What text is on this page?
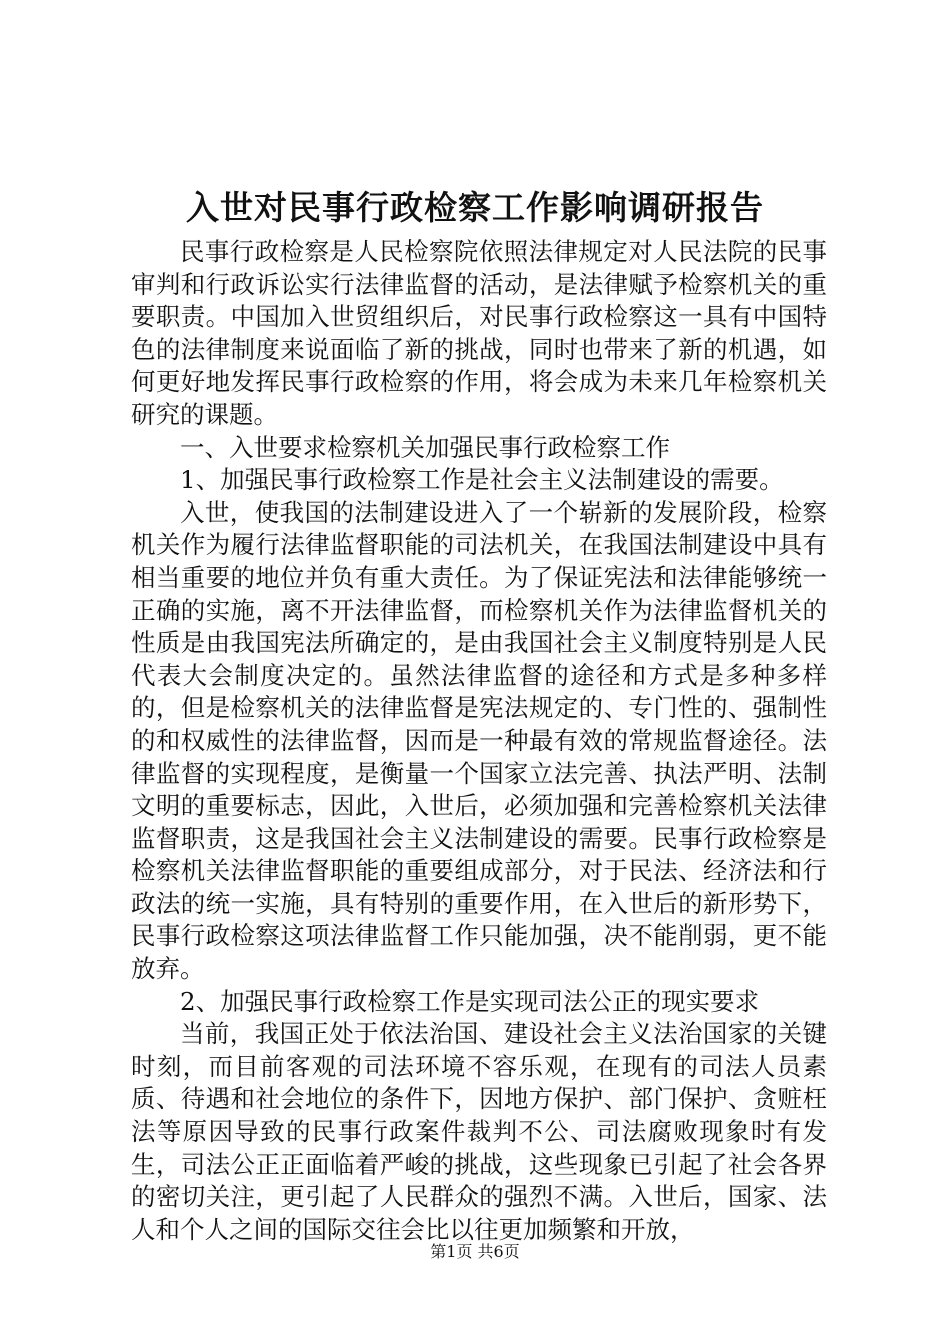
入世对民事行政检察工作影响调研报告

民事行政检察是人民检察院依照法律规定对人民法院的民事审判和行政诉讼实行法律监督的活动，是法律赋予检察机关的重要职责。中国加入世贸组织后，对民事行政检察这一具有中国特色的法律制度来说面临了新的挑战，同时也带来了新的机遇，如何更好地发挥民事行政检察的作用，将会成为未来几年检察机关研究的课题。

一、入世要求检察机关加强民事行政检察工作

1、加强民事行政检察工作是社会主义法制建设的需要。

入世，使我国的法制建设进入了一个崭新的发展阶段，检察机关作为履行法律监督职能的司法机关，在我国法制建设中具有相当重要的地位并负有重大责任。为了保证宪法和法律能够统一正确的实施，离不开法律监督，而检察机关作为法律监督机关的性质是由我国宪法所确定的，是由我国社会主义制度特别是人民代表大会制度决定的。虽然法律监督的途径和方式是多种多样的，但是检察机关的法律监督是宪法规定的、专门性的、强制性的和权威性的法律监督，因而是一种最有效的常规监督途径。法律监督的实现程度，是衡量一个国家立法完善、执法严明、法制文明的重要标志，因此，入世后，必须加强和完善检察机关法律监督职责，这是我国社会主义法制建设的需要。民事行政检察是检察机关法律监督职能的重要组成部分，对于民法、经济法和行政法的统一实施，具有特别的重要作用，在入世后的新形势下，民事行政检察这项法律监督工作只能加强，决不能削弱，更不能放弃。

2、加强民事行政检察工作是实现司法公正的现实要求

当前，我国正处于依法治国、建设社会主义法治国家的关键时刻，而目前客观的司法环境不容乐观，在现有的司法人员素质、待遇和社会地位的条件下，因地方保护、部门保护、贪赃枉法等原因导致的民事行政案件裁判不公、司法腐败现象时有发生，司法公正正面临着严峻的挑战，这些现象已引起了社会各界的密切关注，更引起了人民群众的强烈不满。入世后，国家、法人和个人之间的国际交往会比以往更加频繁和开放，

第1页 共6页
